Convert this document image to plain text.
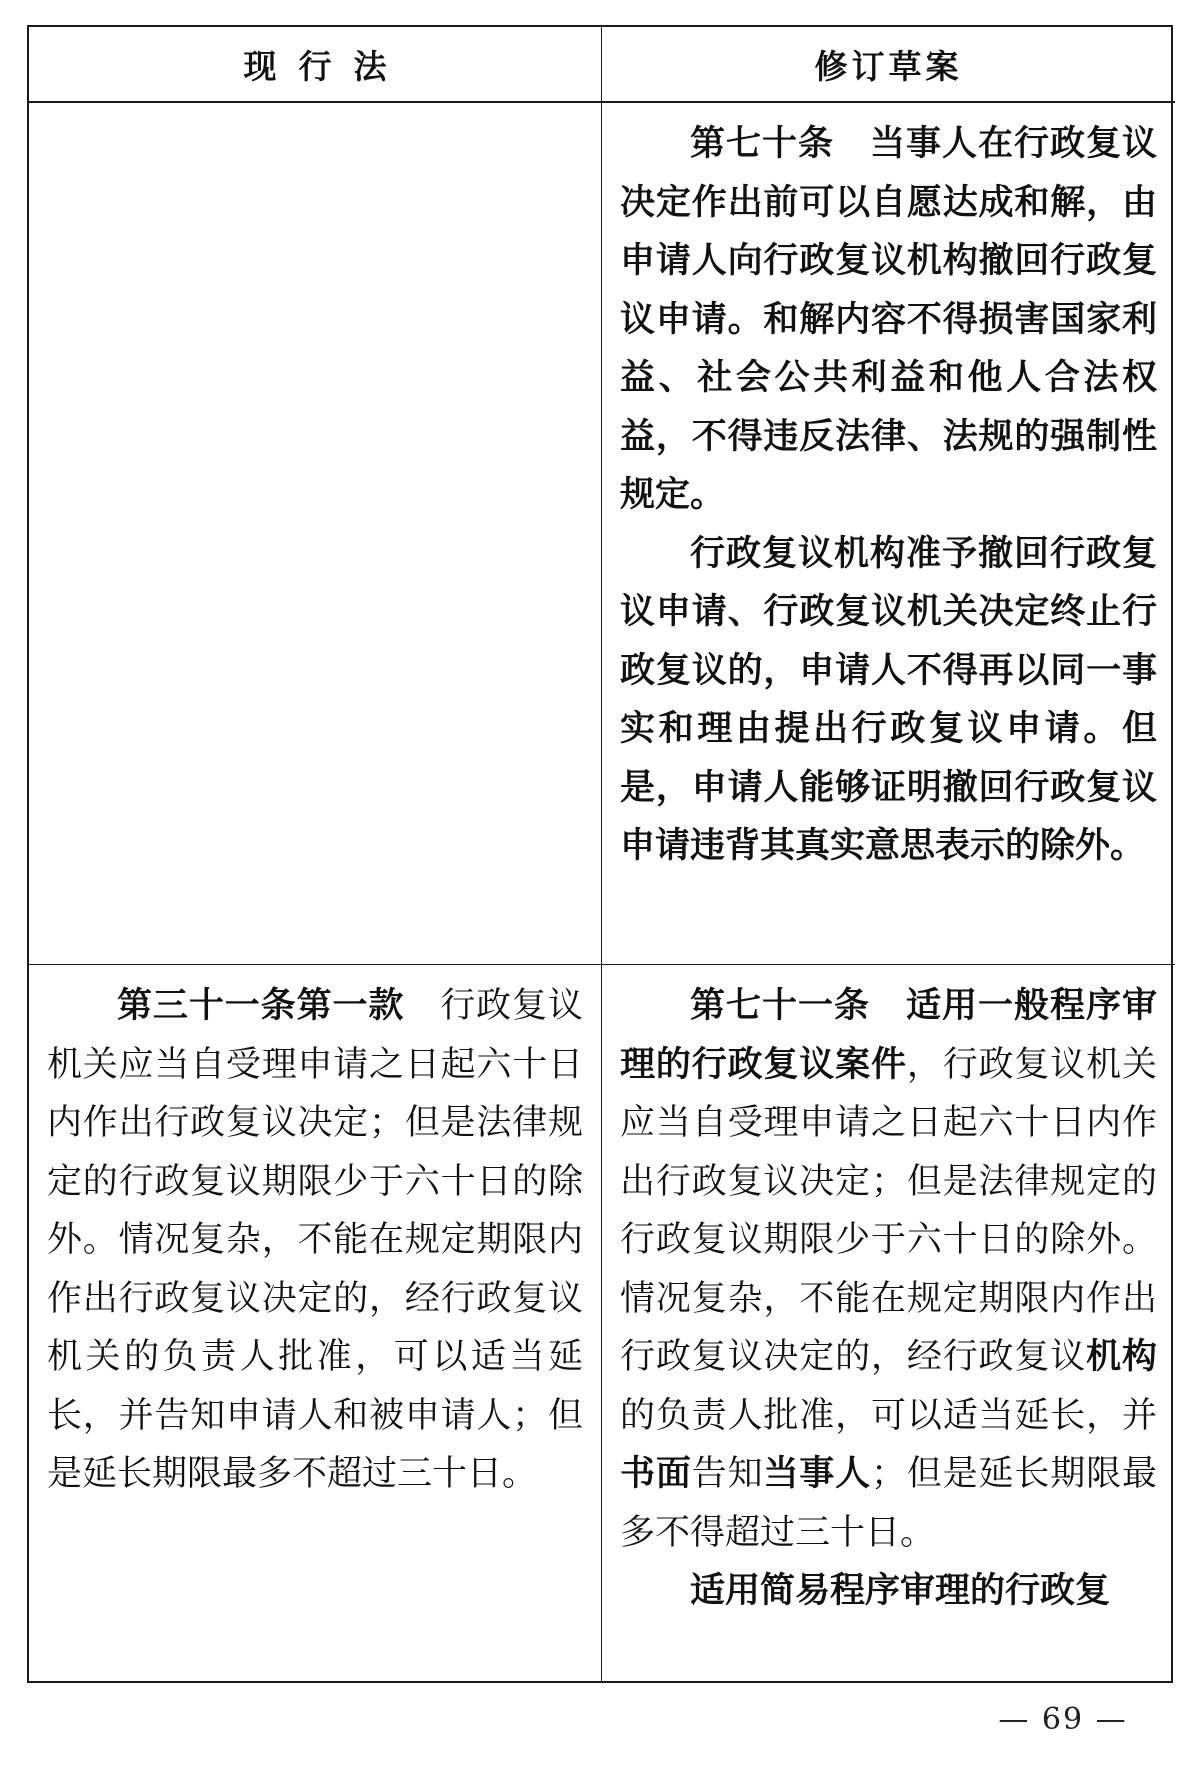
现行法	修订草案

第七十条 当事人在行政复议决定作出前可以自愿达成和解，由申请人向行政复议机构撤回行政复议申请。和解内容不得损害国家利益、社会公共利益和他人合法权益，不得违反法律、法规的强制性规定。

行政复议机构准予撤回行政复议申请、行政复议机关决定终止行政复议的，申请人不得再以同一事实和理由提出行政复议申请。但是，申请人能够证明撤回行政复议申请违背其真实意思表示的除外。

第三十一条第一款 行政复议机关应当自受理申请之日起六十日内作出行政复议决定；但是法律规定的行政复议期限少于六十日的除外。情况复杂，不能在规定期限内作出行政复议决定的，经行政复议机关的负责人批准，可以适当延长，并告知申请人和被申请人；但是延长期限最多不超过三十日。

第七十一条 适用一般程序审理的行政复议案件，行政复议机关应当自受理申请之日起六十日内作出行政复议决定；但是法律规定的行政复议期限少于六十日的除外。情况复杂，不能在规定期限内作出行政复议决定的，经行政复议机构的负责人批准，可以适当延长，并书面告知当事人；但是延长期限最多不得超过三十日。

适用简易程序审理的行政复

— 69 —
